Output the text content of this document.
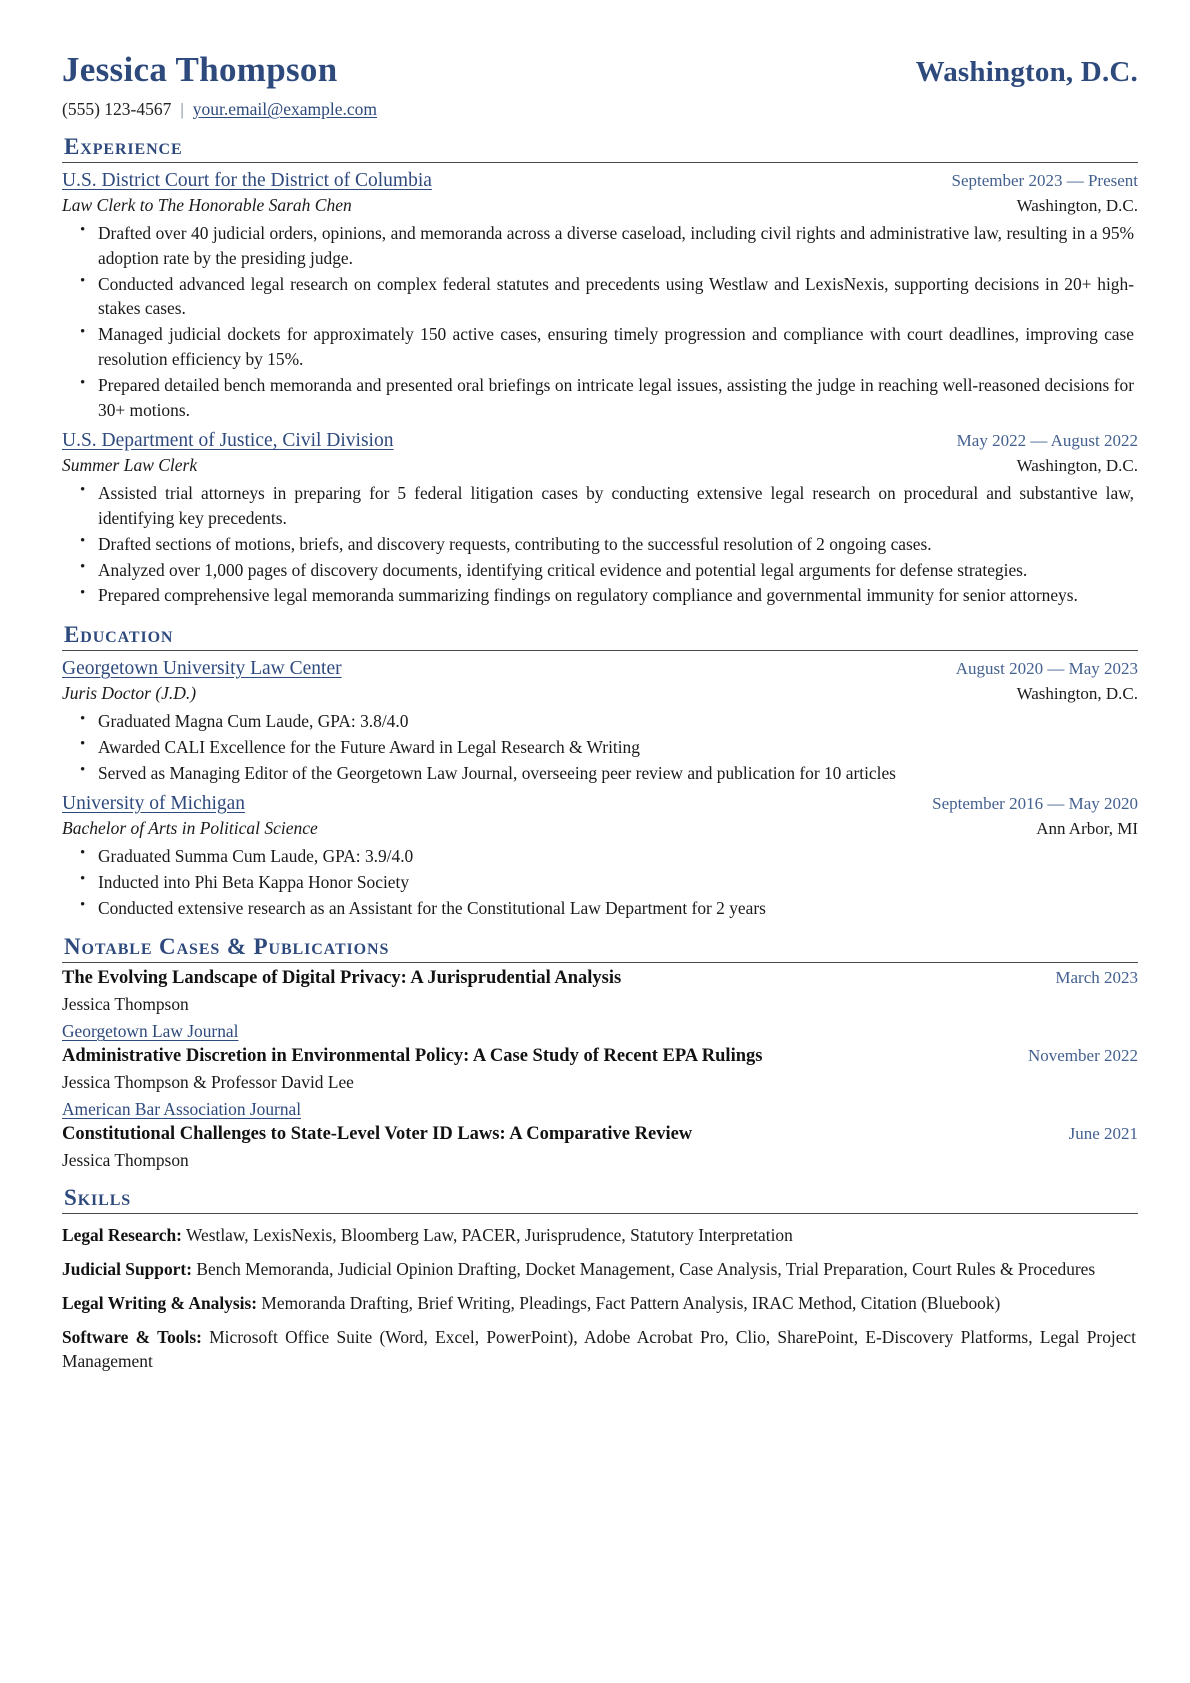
Jessica Thompson	Washington, D.C.
(555) 123-4567 | your.email@example.com
Experience
U.S. District Court for the District of Columbia	September 2023 — Present
Law Clerk to The Honorable Sarah Chen	Washington, D.C.
• Drafted over 40 judicial orders, opinions, and memoranda across a diverse caseload, including civil rights and administrative law, resulting in a 95% adoption rate by the presiding judge.
• Conducted advanced legal research on complex federal statutes and precedents using Westlaw and LexisNexis, supporting decisions in 20+ high-stakes cases.
• Managed judicial dockets for approximately 150 active cases, ensuring timely progression and compliance with court deadlines, improving case resolution efficiency by 15%.
• Prepared detailed bench memoranda and presented oral briefings on intricate legal issues, assisting the judge in reaching well-reasoned decisions for 30+ motions.
U.S. Department of Justice, Civil Division	May 2022 — August 2022
Summer Law Clerk	Washington, D.C.
• Assisted trial attorneys in preparing for 5 federal litigation cases by conducting extensive legal research on procedural and substantive law, identifying key precedents.
• Drafted sections of motions, briefs, and discovery requests, contributing to the successful resolution of 2 ongoing cases.
• Analyzed over 1,000 pages of discovery documents, identifying critical evidence and potential legal arguments for defense strategies.
• Prepared comprehensive legal memoranda summarizing findings on regulatory compliance and governmental immunity for senior attorneys.
Education
Georgetown University Law Center	August 2020 — May 2023
Juris Doctor (J.D.)	Washington, D.C.
• Graduated Magna Cum Laude, GPA: 3.8/4.0
• Awarded CALI Excellence for the Future Award in Legal Research & Writing
• Served as Managing Editor of the Georgetown Law Journal, overseeing peer review and publication for 10 articles
University of Michigan	September 2016 — May 2020
Bachelor of Arts in Political Science	Ann Arbor, MI
• Graduated Summa Cum Laude, GPA: 3.9/4.0
• Inducted into Phi Beta Kappa Honor Society
• Conducted extensive research as an Assistant for the Constitutional Law Department for 2 years
Notable Cases & Publications
The Evolving Landscape of Digital Privacy: A Jurisprudential Analysis	March 2023
Jessica Thompson
Georgetown Law Journal
Administrative Discretion in Environmental Policy: A Case Study of Recent EPA Rulings	November 2022
Jessica Thompson & Professor David Lee
American Bar Association Journal
Constitutional Challenges to State-Level Voter ID Laws: A Comparative Review	June 2021
Jessica Thompson
Skills
Legal Research: Westlaw, LexisNexis, Bloomberg Law, PACER, Jurisprudence, Statutory Interpretation
Judicial Support: Bench Memoranda, Judicial Opinion Drafting, Docket Management, Case Analysis, Trial Preparation, Court Rules & Procedures
Legal Writing & Analysis: Memoranda Drafting, Brief Writing, Pleadings, Fact Pattern Analysis, IRAC Method, Citation (Bluebook)
Software & Tools: Microsoft Office Suite (Word, Excel, PowerPoint), Adobe Acrobat Pro, Clio, SharePoint, E-Discovery Platforms, Legal Project Management
